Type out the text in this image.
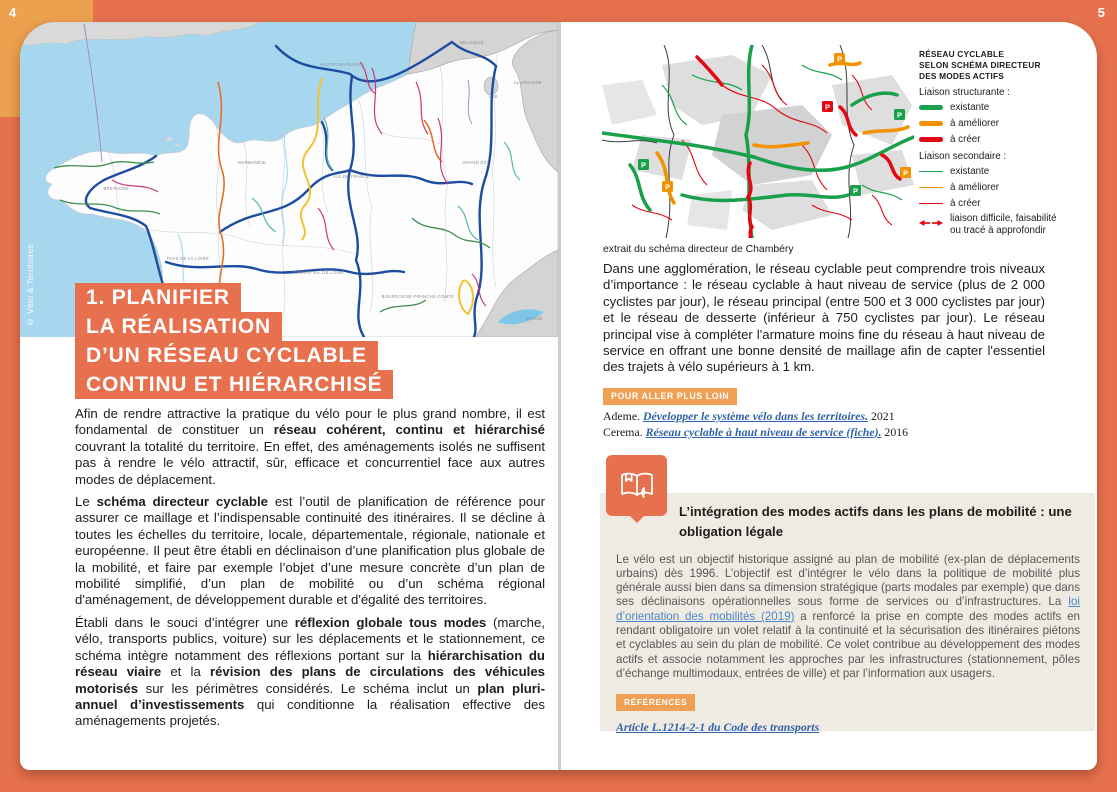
4	5
HAUTS-DE-FRANCE
NORMANDIE
BRETAGNE
PAYS DE LA LOIRE
CENTRE-VAL DE LOIRE
ÎLE-DE-FRANCE
GRAND EST
BOURGOGNE-FRANCHE-COMTÉ
BELGIQUE
ALLEMAGNE
LUX.
SUISSE
© Vélo & Territoires 1. PLANIFIER
LA RÉALISATION
D’UN RÉSEAU CYCLABLE
CONTINU ET HIÉRARCHISÉ

Afin de rendre attractive la pratique du vélo pour le plus grand nombre, il est fondamental de constituer un réseau cohérent, continu et hiérarchisé couvrant la totalité du territoire. En effet, des aménagements isolés ne suffisent pas à rendre le vélo attractif, sûr, efficace et concurrentiel face aux autres modes de déplacement.

Le schéma directeur cyclable est l’outil de planification de référence pour assurer ce maillage et l’indispensable continuité des itinéraires. Il se décline à toutes les échelles du territoire, locale, départementale, régionale, nationale et européenne. Il peut être établi en déclinaison d’une planification plus globale de la mobilité, et faire par exemple l’objet d’une mesure concrète d’un plan de mobilité simplifié, d’un plan de mobilité ou d’un schéma régional d'aménagement, de développement durable et d'égalité des territoires.

Établi dans le souci d’intégrer une réflexion globale tous modes (marche, vélo, transports publics, voiture) sur les déplacements et le stationnement, ce schéma intègre notamment des réflexions portant sur la hiérarchisation du réseau viaire et la révision des plans de circulations des véhicules motorisés sur les périmètres considérés. Le schéma inclut un plan pluri-annuel d’investissements qui conditionne la réalisation effective des aménagements projetés.

P
P
P
P
P
P
P
RÉSEAU CYCLABLE
SELON SCHÉMA DIRECTEUR
DES MODES ACTIFS
Liaison structurante :
existante
à améliorer
à créer
Liaison secondaire :
existante
à améliorer
à créer
liaison difficile, faisabilité ou tracé à approfondir
extrait du schéma directeur de Chambéry

Dans une agglomération, le réseau cyclable peut comprendre trois niveaux d’importance : le réseau cyclable à haut niveau de service (plus de 2 000 cyclistes par jour), le réseau principal (entre 500 et 3 000 cyclistes par jour) et le réseau de desserte (inférieur à 750 cyclistes par jour). Le réseau principal vise à compléter l'armature moins fine du réseau à haut niveau de service en offrant une bonne densité de maillage afin de capter l'essentiel des trajets à vélo supérieurs à 1 km.

POUR ALLER PLUS LOIN
Ademe. Développer le système vélo dans les territoires. 2021
Cerema. Réseau cyclable à haut niveau de service (fiche). 2016
L’intégration des modes actifs dans les plans de mobilité : une obligation légale
Le vélo est un objectif historique assigné au plan de mobilité (ex-plan de déplacements urbains) dès 1996. L’objectif est d’intégrer le vélo dans la politique de mobilité plus générale aussi bien dans sa dimension stratégique (parts modales par exemple) que dans ses déclinaisons opérationnelles sous forme de services ou d’infrastructures. La loi d’orientation des mobilités (2019) a renforcé la prise en compte des modes actifs en rendant obligatoire un volet relatif à la continuité et la sécurisation des itinéraires piétons et cyclables au sein du plan de mobilité. Ce volet contribue au développement des modes actifs et associe notamment les approches par les infrastructures (stationnement, pôles d’échange multimodaux, entrées de ville) et par l’information aux usagers.
RÉFÉRENCES
Article L.1214-2-1 du Code des transports
